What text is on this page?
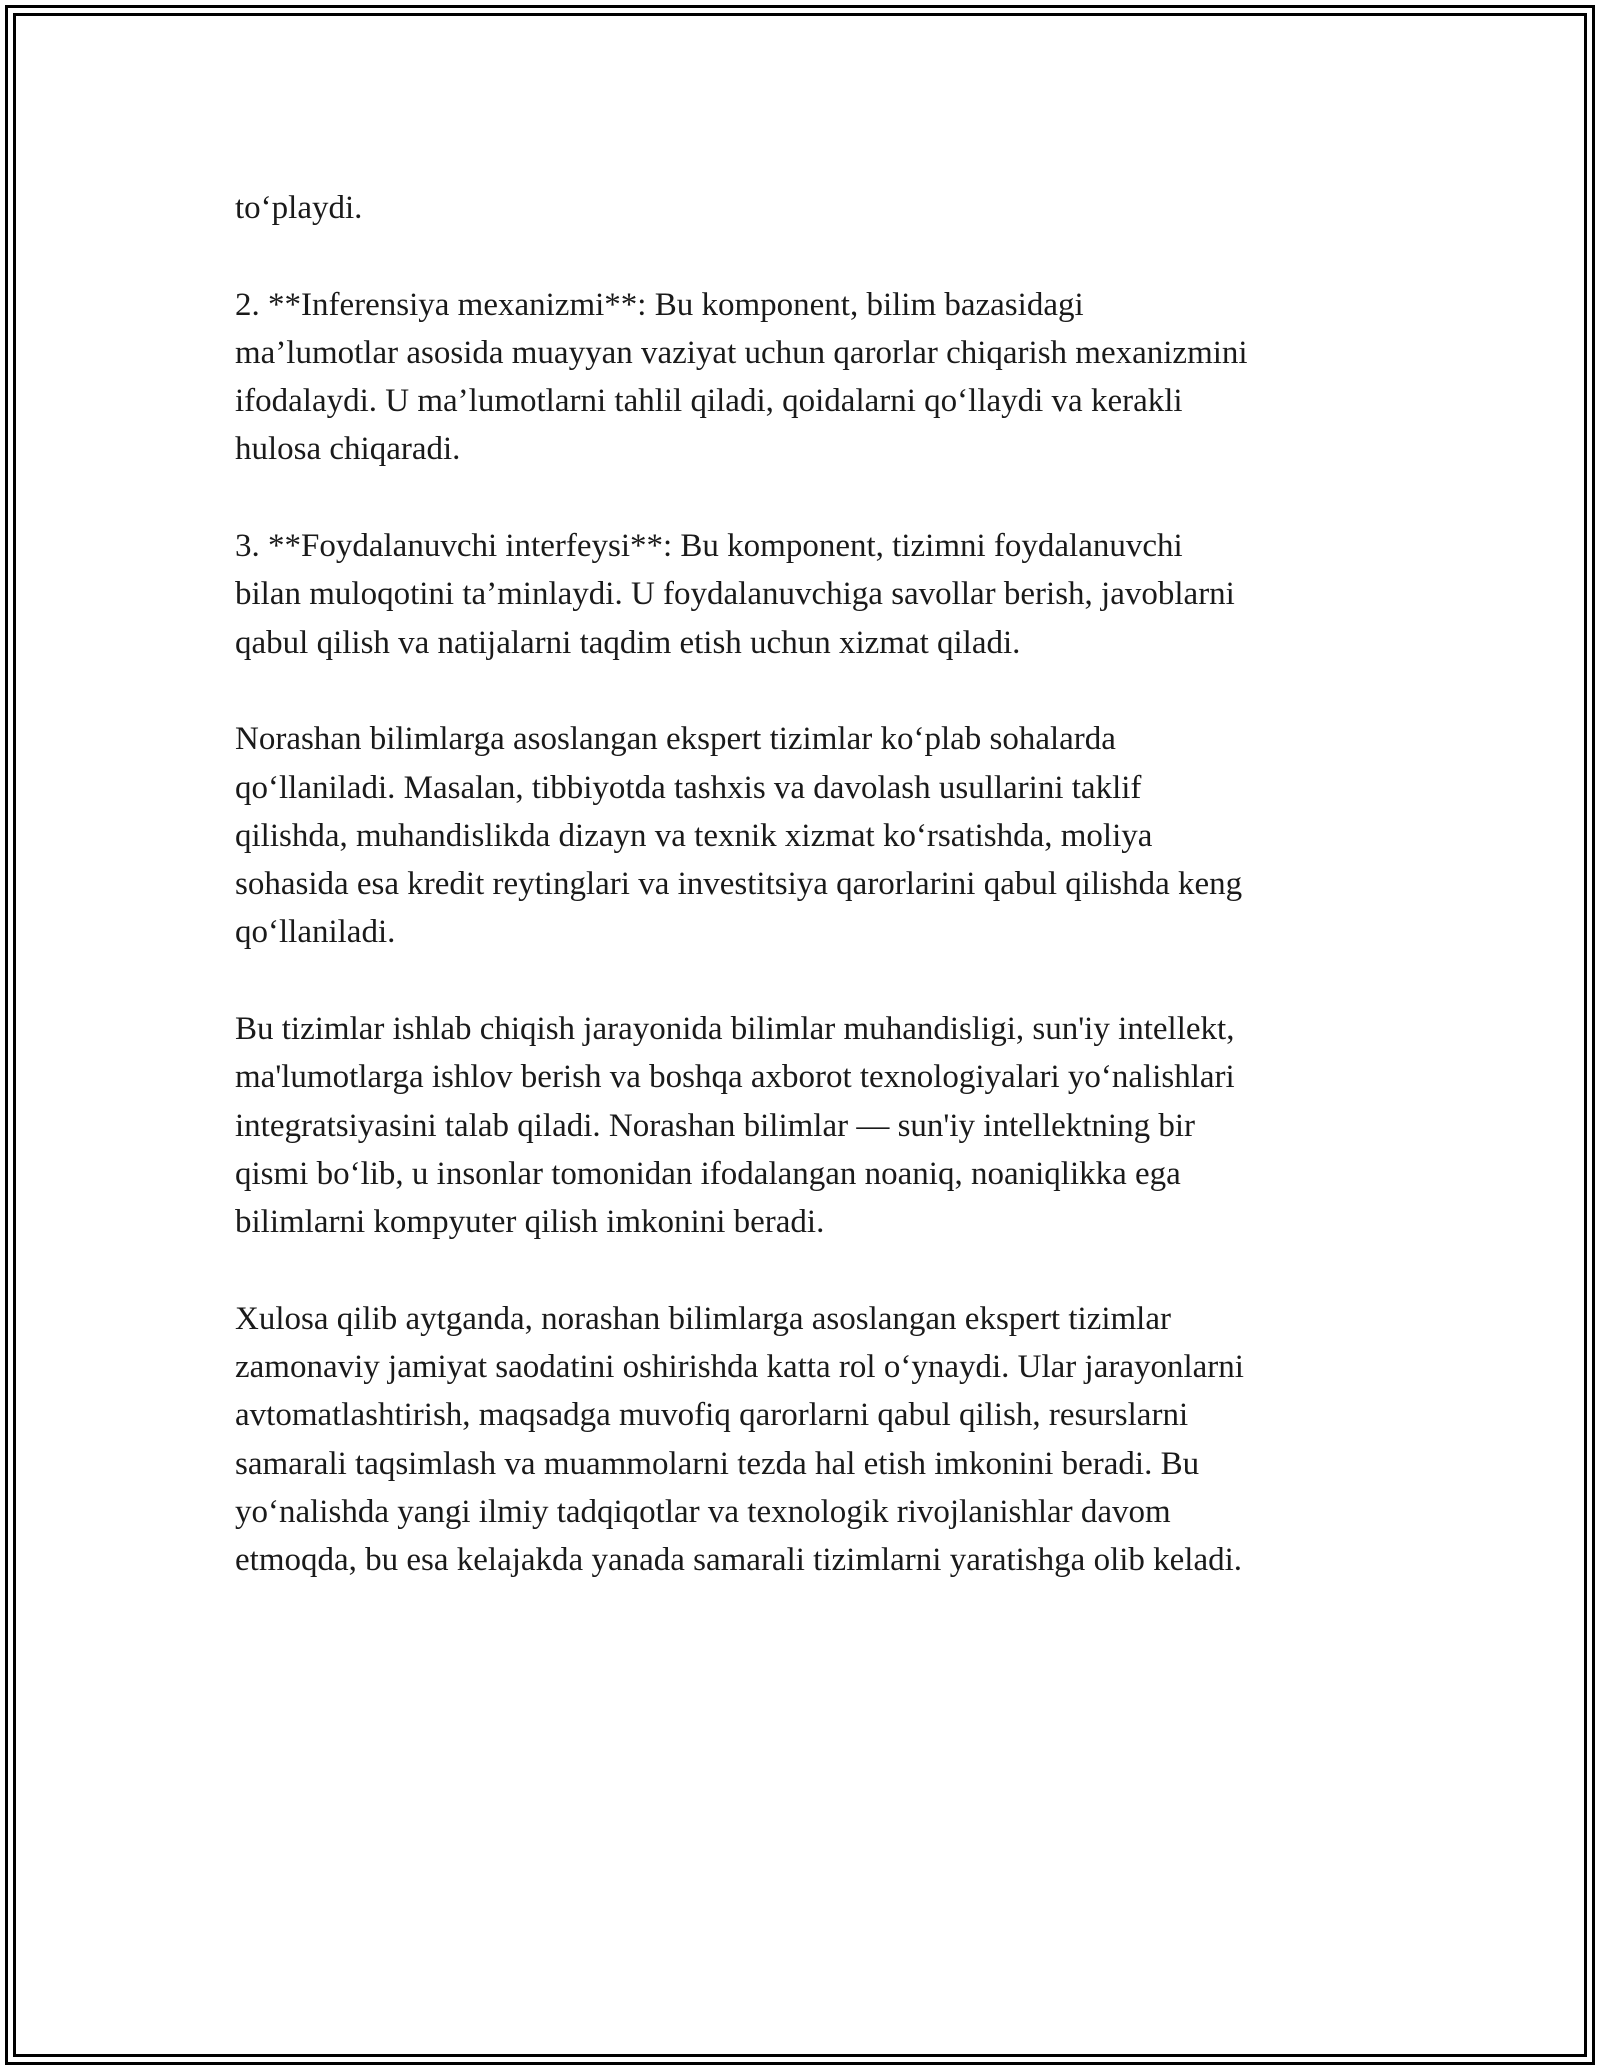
to‘playdi.

2. **Inferensiya mexanizmi**: Bu komponent, bilim bazasidagi
ma’lumotlar asosida muayyan vaziyat uchun qarorlar chiqarish mexanizmini
ifodalaydi. U ma’lumotlarni tahlil qiladi, qoidalarni qo‘llaydi va kerakli
hulosa chiqaradi.

3. **Foydalanuvchi interfeysi**: Bu komponent, tizimni foydalanuvchi
bilan muloqotini ta’minlaydi. U foydalanuvchiga savollar berish, javoblarni
qabul qilish va natijalarni taqdim etish uchun xizmat qiladi.

Norashan bilimlarga asoslangan ekspert tizimlar ko‘plab sohalarda
qo‘llaniladi. Masalan, tibbiyotda tashxis va davolash usullarini taklif
qilishda, muhandislikda dizayn va texnik xizmat ko‘rsatishda, moliya
sohasida esa kredit reytinglari va investitsiya qarorlarini qabul qilishda keng
qo‘llaniladi.

Bu tizimlar ishlab chiqish jarayonida bilimlar muhandisligi, sun'iy intellekt,
ma'lumotlarga ishlov berish va boshqa axborot texnologiyalari yo‘nalishlari
integratsiyasini talab qiladi. Norashan bilimlar — sun'iy intellektning bir
qismi bo‘lib, u insonlar tomonidan ifodalangan noaniq, noaniqlikka ega
bilimlarni kompyuter qilish imkonini beradi.

Xulosa qilib aytganda, norashan bilimlarga asoslangan ekspert tizimlar
zamonaviy jamiyat saodatini oshirishda katta rol o‘ynaydi. Ular jarayonlarni
avtomatlashtirish, maqsadga muvofiq qarorlarni qabul qilish, resurslarni
samarali taqsimlash va muammolarni tezda hal etish imkonini beradi. Bu
yo‘nalishda yangi ilmiy tadqiqotlar va texnologik rivojlanishlar davom
etmoqda, bu esa kelajakda yanada samarali tizimlarni yaratishga olib keladi.
